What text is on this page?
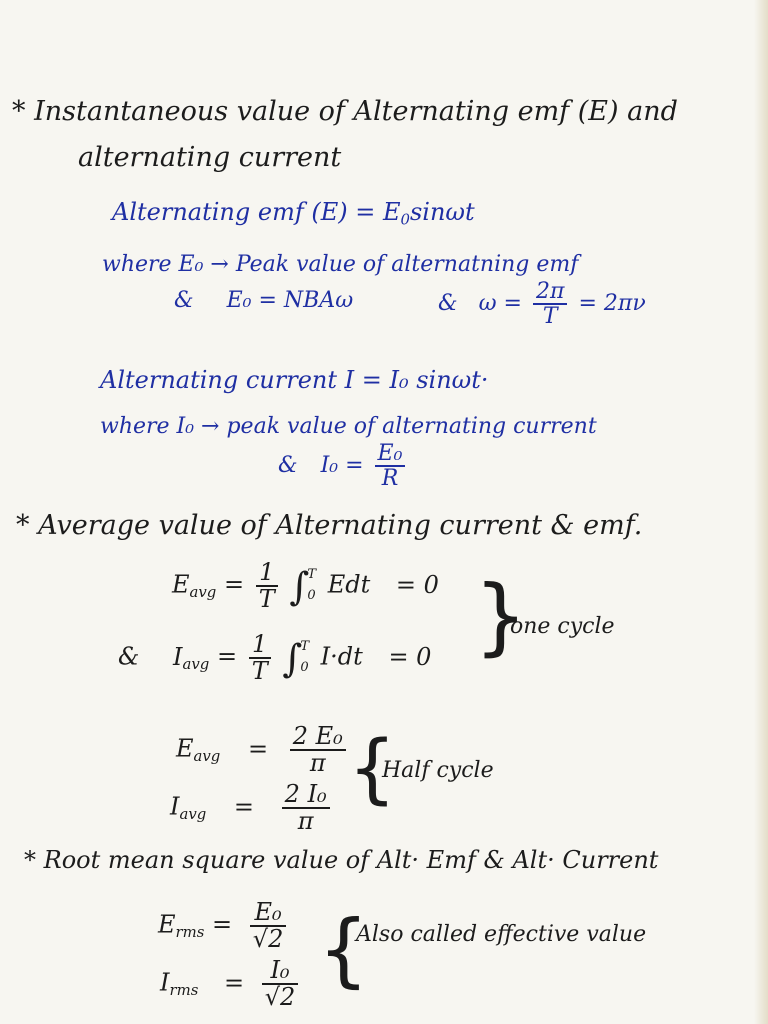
* Instantaneous value of Alternating emf (E) and
alternating current
Alternating emf $(E) = E_0\sin\omega t$
where E₀ → Peak value of alternatning emf
& E₀ = NBAω	& $\omega = \frac{2\pi}{T} = 2\pi\nu$
Alternating current I = I₀ sinωt·
where I₀ → peak value of alternating current
& $I_0 = \frac{\text{E₀}}{R}$
* Average value of Alternating current & emf.
$E_{avg} = \frac{1}{T}$ ∫
T
0 Edt = 0
& $I_{avg} = \frac{1}{T}$ ∫
T
0 I·dt = 0 }
one cycle
$E_{avg} = \frac{\text{2 E₀}}{\pi}$
$I_{avg} = \frac{\text{2 I₀}}{\pi}$ {
Half cycle
* Root mean square value of Alt· Emf & Alt· Current
$E_{rms} = \frac{\text{E₀}}{√2}$
$I_{rms} = \frac{\text{I₀}}{√2}$ {
Also called effective value
